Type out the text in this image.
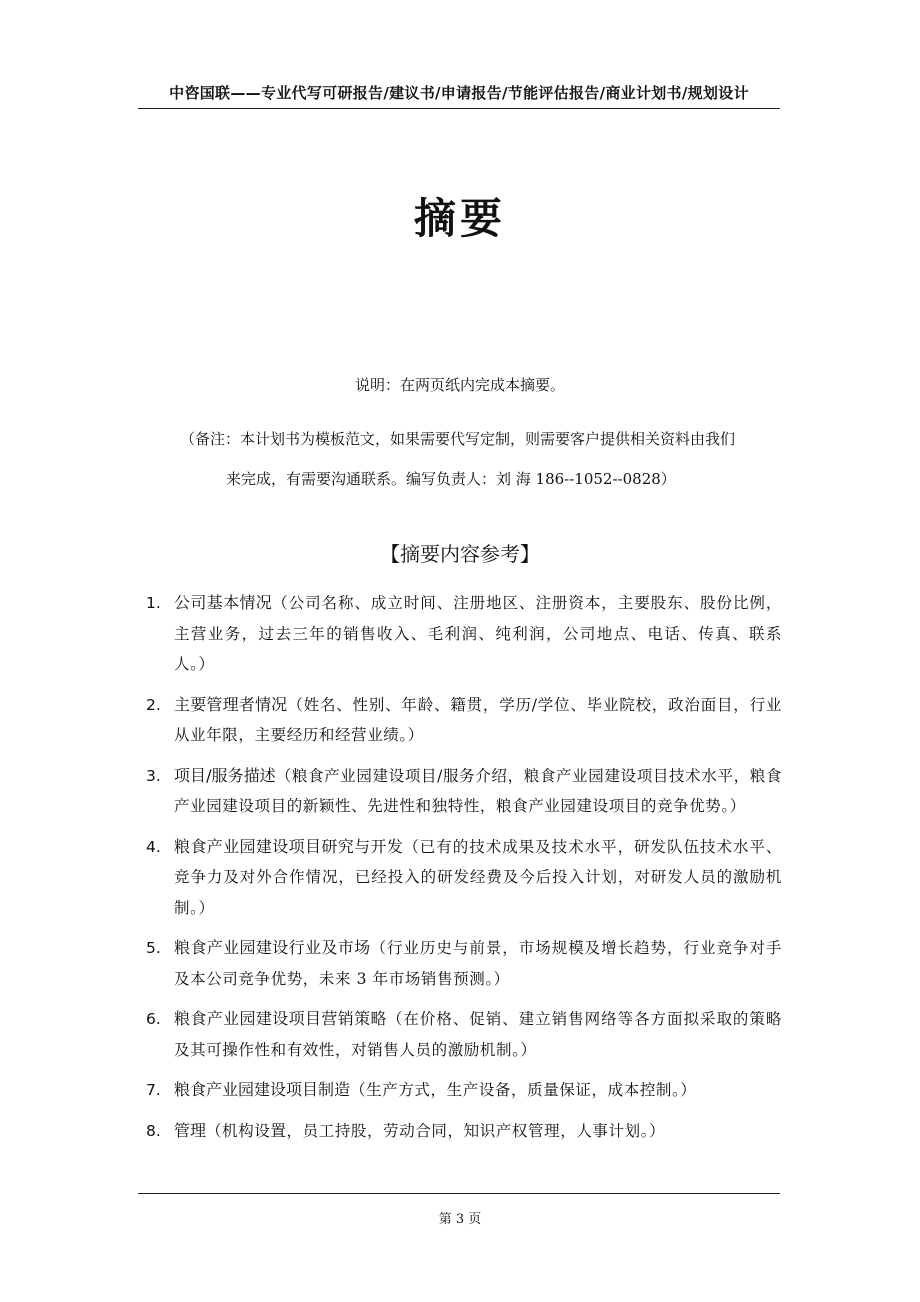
中咨国联——专业代写可研报告/建议书/申请报告/节能评估报告/商业计划书/规划设计
摘要
说明：在两页纸内完成本摘要。
（备注：本计划书为模板范文，如果需要代写定制，则需要客户提供相关资料由我们
来完成，有需要沟通联系。编写负责人：刘 海 186--1052--0828）
【摘要内容参考】
1. 公司基本情况（公司名称、成立时间、注册地区、注册资本，主要股东、股份比例，主营业务，过去三年的销售收入、毛利润、纯利润，公司地点、电话、传真、联系人。）
2. 主要管理者情况（姓名、性别、年龄、籍贯，学历/学位、毕业院校，政治面目，行业从业年限，主要经历和经营业绩。）
3. 项目/服务描述（粮食产业园建设项目/服务介绍，粮食产业园建设项目技术水平，粮食产业园建设项目的新颖性、先进性和独特性，粮食产业园建设项目的竞争优势。）
4. 粮食产业园建设项目研究与开发（已有的技术成果及技术水平，研发队伍技术水平、竞争力及对外合作情况，已经投入的研发经费及今后投入计划，对研发人员的激励机制。）
5. 粮食产业园建设行业及市场（行业历史与前景，市场规模及增长趋势，行业竞争对手及本公司竞争优势，未来 3 年市场销售预测。）
6. 粮食产业园建设项目营销策略（在价格、促销、建立销售网络等各方面拟采取的策略及其可操作性和有效性，对销售人员的激励机制。）
7. 粮食产业园建设项目制造（生产方式，生产设备，质量保证，成本控制。）
8. 管理（机构设置，员工持股，劳动合同，知识产权管理，人事计划。）
第 3 页
